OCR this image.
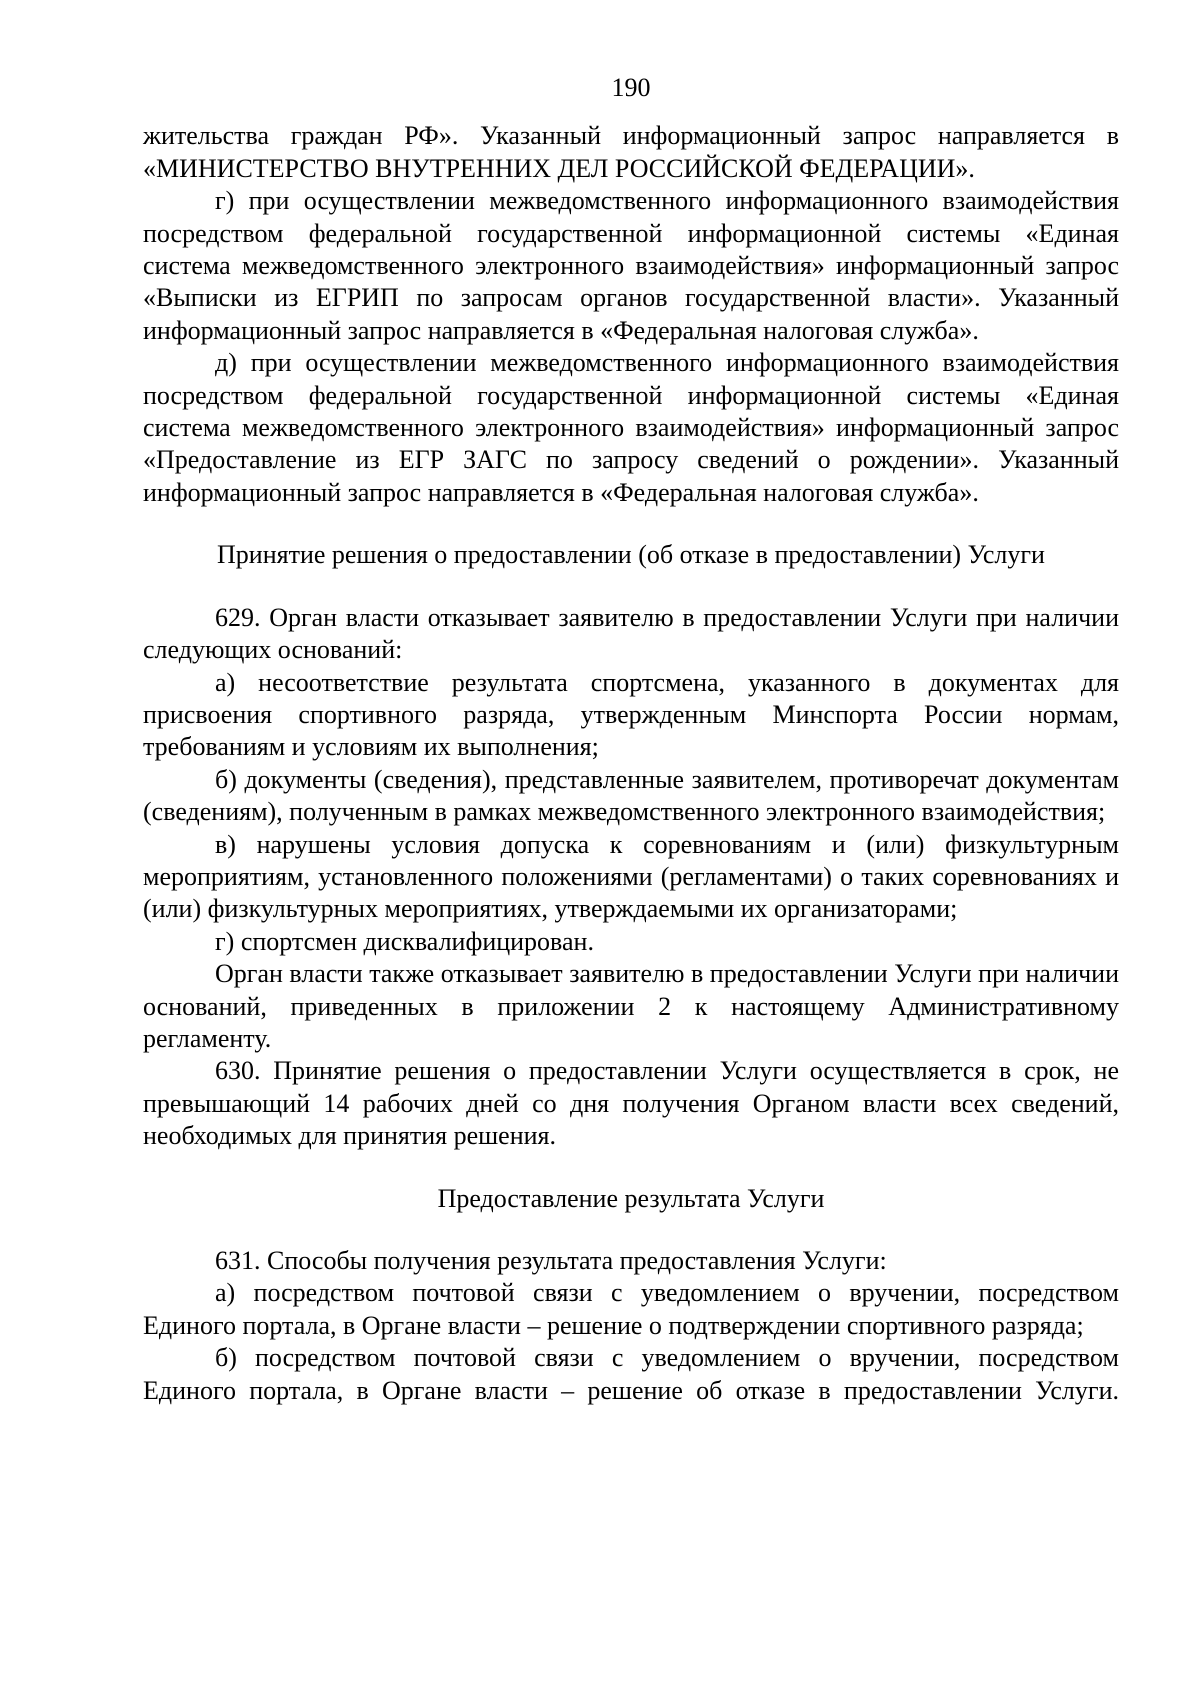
190

жительства граждан РФ». Указанный информационный запрос направляется в «МИНИСТЕРСТВО ВНУТРЕННИХ ДЕЛ РОССИЙСКОЙ ФЕДЕРАЦИИ».

г) при осуществлении межведомственного информационного взаимодействия посредством федеральной государственной информационной системы «Единая система межведомственного электронного взаимодействия» информационный запрос «Выписки из ЕГРИП по запросам органов государственной власти». Указанный информационный запрос направляется в «Федеральная налоговая служба».

д) при осуществлении межведомственного информационного взаимодействия посредством федеральной государственной информационной системы «Единая система межведомственного электронного взаимодействия» информационный запрос «Предоставление из ЕГР ЗАГС по запросу сведений о рождении». Указанный информационный запрос направляется в «Федеральная налоговая служба».

Принятие решения о предоставлении (об отказе в предоставлении) Услуги

629. Орган власти отказывает заявителю в предоставлении Услуги при наличии следующих оснований:

а) несоответствие результата спортсмена, указанного в документах для присвоения спортивного разряда, утвержденным Минспорта России нормам, требованиям и условиям их выполнения;

б) документы (сведения), представленные заявителем, противоречат документам (сведениям), полученным в рамках межведомственного электронного взаимодействия;

в) нарушены условия допуска к соревнованиям и (или) физкультурным мероприятиям, установленного положениями (регламентами) о таких соревнованиях и (или) физкультурных мероприятиях, утверждаемыми их организаторами;

г) спортсмен дисквалифицирован.

Орган власти также отказывает заявителю в предоставлении Услуги при наличии оснований, приведенных в приложении 2 к настоящему Административному регламенту.

630. Принятие решения о предоставлении Услуги осуществляется в срок, не превышающий 14 рабочих дней со дня получения Органом власти всех сведений, необходимых для принятия решения.

Предоставление результата Услуги

631. Способы получения результата предоставления Услуги:

а) посредством почтовой связи с уведомлением о вручении, посредством Единого портала, в Органе власти – решение о подтверждении спортивного разряда;

б) посредством почтовой связи с уведомлением о вручении, посредством Единого портала, в Органе власти – решение об отказе в предоставлении Услуги.
